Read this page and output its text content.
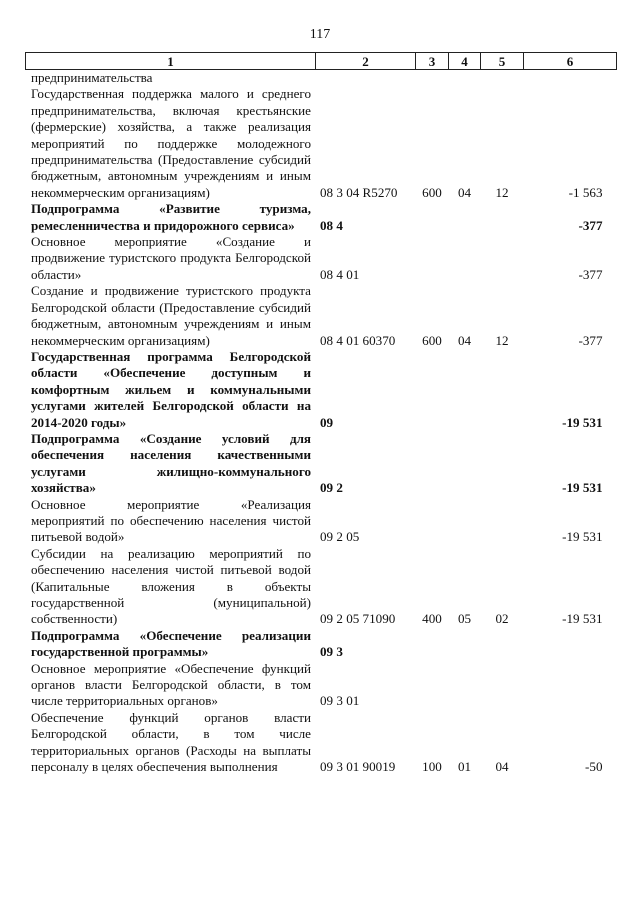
117
1	2	3	4	5	6
предпринимательства					
Государственная поддержка малого и среднего предпринимательства, включая крестьянские (фермерские) хозяйства, а также реализация мероприятий по поддержке молодежного предпринимательства (Предоставление субсидий бюджетным, автономным учреждениям и иным некоммерческим организациям)	08 3 04 R5270	600	04	12	-1 563
Подпрограмма «Развитие туризма, ремесленничества и придорожного сервиса»	08 4				-377
Основное мероприятие «Создание и продвижение туристского продукта Белгородской области»	08 4 01				-377
Создание и продвижение туристского продукта Белгородской области (Предоставление субсидий бюджетным, автономным учреждениям и иным некоммерческим организациям)	08 4 01 60370	600	04	12	-377
Государственная программа Белгородской области «Обеспечение доступным и комфортным жильем и коммунальными услугами жителей Белгородской области на 2014-2020 годы»	09				-19 531
Подпрограмма «Создание условий для обеспечения населения качественными услугами жилищно-коммунального хозяйства»	09 2				-19 531
Основное мероприятие «Реализация мероприятий по обеспечению населения чистой питьевой водой»	09 2 05				-19 531
Субсидии на реализацию мероприятий по обеспечению населения чистой питьевой водой (Капитальные вложения в объекты государственной (муниципальной) собственности)	09 2 05 71090	400	05	02	-19 531
Подпрограмма «Обеспечение реализации государственной программы»	09 3				
Основное мероприятие «Обеспечение функций органов власти Белгородской области, в том числе территориальных органов»	09 3 01				
Обеспечение функций органов власти Белгородской области, в том числе территориальных органов (Расходы на выплаты персоналу в целях обеспечения выполнения	09 3 01 90019	100	01	04	-50
